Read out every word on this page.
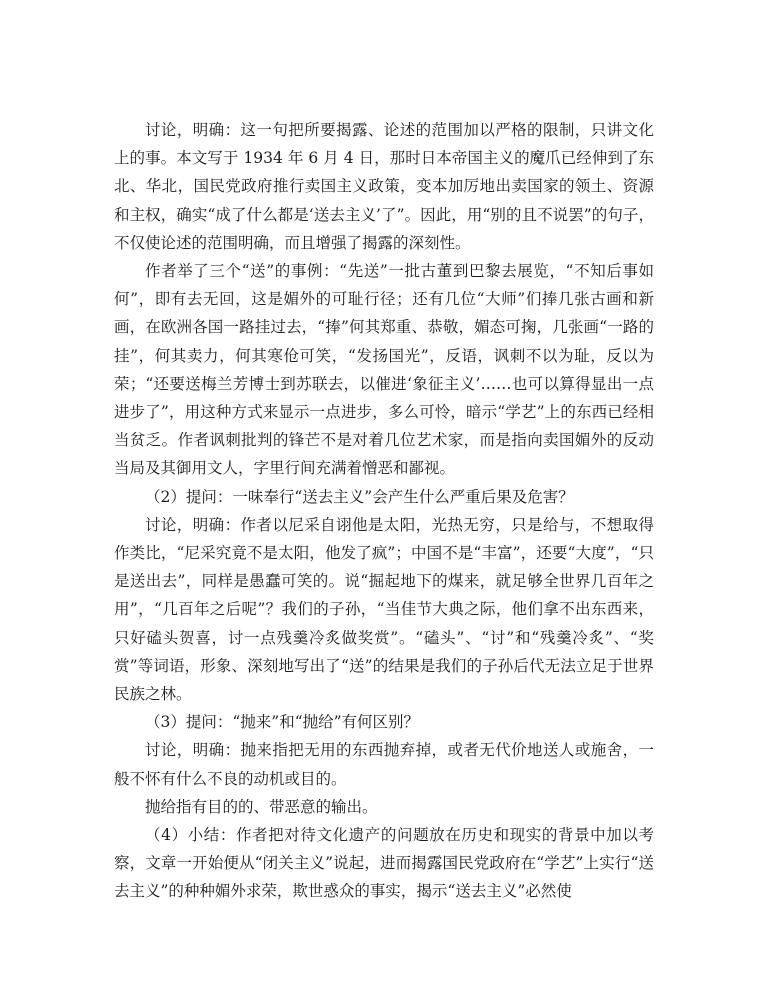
讨论，明确：这一句把所要揭露、论述的范围加以严格的限制，只讲文化上的事。本文写于 1934 年 6 月 4 日，那时日本帝国主义的魔爪已经伸到了东北、华北，国民党政府推行卖国主义政策，变本加厉地出卖国家的领土、资源和主权，确实“成了什么都是‘送去主义’了”。因此，用“别的且不说罢”的句子，不仅使论述的范围明确，而且增强了揭露的深刻性。

作者举了三个“送”的事例：“先送”一批古董到巴黎去展览，“不知后事如何”，即有去无回，这是媚外的可耻行径；还有几位“大师”们捧几张古画和新画，在欧洲各国一路挂过去，“捧”何其郑重、恭敬，媚态可掬，几张画“一路的挂”，何其卖力，何其寒伧可笑，“发扬国光”，反语，讽刺不以为耻，反以为荣；“还要送梅兰芳博士到苏联去，以催进‘象征主义’……也可以算得显出一点进步了”，用这种方式来显示一点进步，多么可怜，暗示“学艺”上的东西已经相当贫乏。作者讽刺批判的锋芒不是对着几位艺术家，而是指向卖国媚外的反动当局及其御用文人，字里行间充满着憎恶和鄙视。

（2）提问：一味奉行“送去主义”会产生什么严重后果及危害？

讨论，明确：作者以尼采自诩他是太阳，光热无穷，只是给与，不想取得作类比，“尼采究竟不是太阳，他发了疯”；中国不是“丰富”，还要“大度”，“只是送出去”，同样是愚蠢可笑的。说“掘起地下的煤来，就足够全世界几百年之用”，“几百年之后呢”？我们的子孙，“当佳节大典之际，他们拿不出东西来，只好磕头贺喜，讨一点残羹冷炙做奖赏”。“磕头”、“讨”和“残羹冷炙”、“奖赏”等词语，形象、深刻地写出了“送”的结果是我们的子孙后代无法立足于世界民族之林。

（3）提问：“抛来”和“抛给”有何区别？

讨论，明确：抛来指把无用的东西抛弃掉，或者无代价地送人或施舍，一般不怀有什么不良的动机或目的。

抛给指有目的的、带恶意的输出。

（4）小结：作者把对待文化遗产的问题放在历史和现实的背景中加以考察，文章一开始便从“闭关主义”说起，进而揭露国民党政府在“学艺”上实行“送去主义”的种种媚外求荣，欺世惑众的事实，揭示“送去主义”必然使
